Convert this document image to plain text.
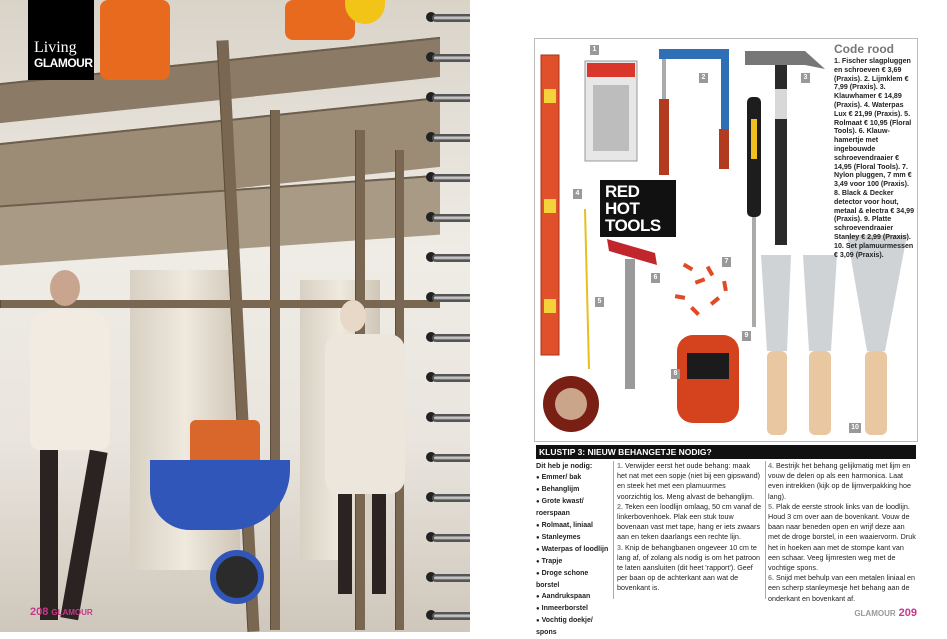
Living
GLAMOUR
208 GLAMOUR
1
2	3
4
5
6
7
8
9
10
RED HOT
TOOLS
Code rood
1. Fischer slagpluggen en schroeven € 3,69 (Praxis). 2. Lijmklem € 7,99 (Praxis). 3. Klauwhamer € 14,89 (Praxis). 4. Waterpas Lux € 21,99 (Praxis). 5. Rolmaat € 10,95 (Floral Tools). 6. Klauw-hamertje met ingebouwde schroevendraaier € 14,95 (Floral Tools). 7. Nylon pluggen, 7 mm € 3,49 voor 100 (Praxis). 8. Black & Decker detector voor hout, metaal & electra € 34,99 (Praxis). 9. Platte schroevendraaier Stanley € 2,99 (Praxis). 10. Set plamuurmessen € 3,09 (Praxis).
KLUSTIP 3: NIEUW BEHANGETJE NODIG?
Dit heb je nodig:
● Emmer/ bak
● Behanglijm
● Grote kwast/ roerspaan
● Rolmaat, liniaal
● Stanleymes
● Waterpas of loodlijn
● Trapje
● Droge schone borstel
● Aandrukspaan
● Inmeerborstel
● Vochtig doekje/ spons

1. Verwijder eerst het oude behang: maak het nat met een sopje (niet bij een gipswand) en steek het met een plamuurmes voorzichtig los. Meng alvast de behanglijm.

2. Teken een loodlijn omlaag, 50 cm vanaf de linkerbovenhoek. Plak een stuk touw bovenaan vast met tape, hang er iets zwaars aan en teken daarlangs een rechte lijn.

3. Knip de behangbanen ongeveer 10 cm te lang af, of zolang als nodig is om het patroon te laten aansluiten (dit heet 'rapport'). Geef per baan op de achterkant aan wat de bovenkant is.

4. Bestrijk het behang gelijkmatig met lijm en vouw de delen op als een harmonica. Laat even intrekken (kijk op de lijmverpakking hoe lang).

5. Plak de eerste strook links van de loodlijn. Houd 3 cm over aan de bovenkant. Vouw de baan naar beneden open en wrijf deze aan met de droge borstel, in een waaiervorm. Druk het in hoeken aan met de stompe kant van een schaar. Veeg lijmresten weg met de vochtige spons.

6. Snijd met behulp van een metalen liniaal en een scherp stanleymesje het behang aan de onderkant en bovenkant af.

GLAMOUR 209
